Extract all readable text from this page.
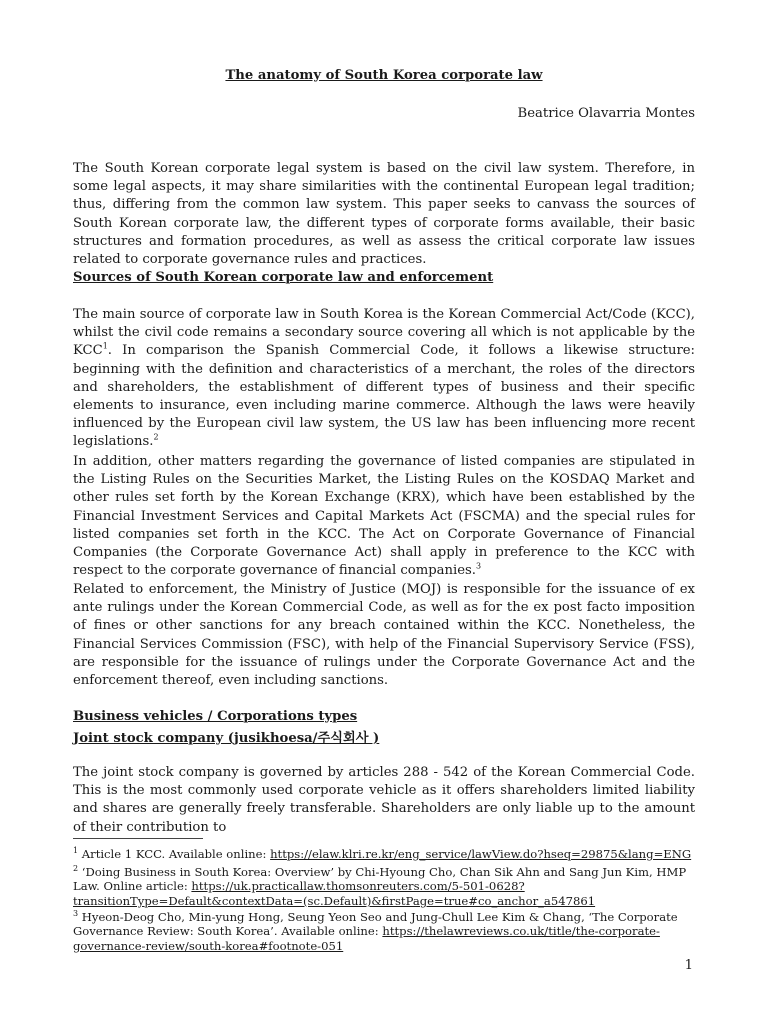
The anatomy of South Korea corporate law
Beatrice Olavarria Montes

The South Korean corporate legal system is based on the civil law system. Therefore, in some legal aspects, it may share similarities with the continental European legal tradition; thus, differing from the common law system. This paper seeks to canvass the sources of South Korean corporate law, the different types of corporate forms available, their basic structures and formation procedures, as well as assess the critical corporate law issues related to corporate governance rules and practices.

Sources of South Korean corporate law and enforcement

The main source of corporate law in South Korea is the Korean Commercial Act/Code (KCC), whilst the civil code remains a secondary source covering all which is not applicable by the KCC$^1$. In comparison the Spanish Commercial Code, it follows a likewise structure: beginning with the definition and characteristics of a merchant, the roles of the directors and shareholders, the establishment of different types of business and their specific elements to insurance, even including marine commerce. Although the laws were heavily influenced by the European civil law system, the US law has been influencing more recent legislations.$^2$

In addition, other matters regarding the governance of listed companies are stipulated in the Listing Rules on the Securities Market, the Listing Rules on the KOSDAQ Market and other rules set forth by the Korean Exchange (KRX), which have been established by the Financial Investment Services and Capital Markets Act (FSCMA) and the special rules for listed companies set forth in the KCC. The Act on Corporate Governance of Financial Companies (the Corporate Governance Act) shall apply in preference to the KCC with respect to the corporate governance of financial companies.$^3$

Related to enforcement, the Ministry of Justice (MOJ) is responsible for the issuance of ex ante rulings under the Korean Commercial Code, as well as for the ex post facto imposition of fines or other sanctions for any breach contained within the KCC. Nonetheless, the Financial Services Commission (FSC), with help of the Financial Supervisory Service (FSS), are responsible for the issuance of rulings under the Corporate Governance Act and the enforcement thereof, even including sanctions.

Business vehicles / Corporations types
Joint stock company (jusikhoesa/주식회사 )

The joint stock company is governed by articles 288 - 542 of the Korean Commercial Code. This is the most commonly used corporate vehicle as it offers shareholders limited liability and shares are generally freely transferable. Shareholders are only liable up to the amount of their contribution to

$^1$ Article 1 KCC. Available online: https://elaw.klri.re.kr/eng_service/lawView.do?hseq=29875&lang=ENG

$^2$ ‘Doing Business in South Korea: Overview’ by Chi-Hyoung Cho, Chan Sik Ahn and Sang Jun Kim, HMP Law. Online article: https://uk.practicallaw.thomsonreuters.com/5-501-0628?transitionType=Default&contextData=(sc.Default)&firstPage=true#co_anchor_a547861

$^3$ Hyeon-Deog Cho, Min-yung Hong, Seung Yeon Seo and Jung-Chull Lee Kim & Chang, ‘The Corporate Governance Review: South Korea’. Available online: https://thelawreviews.co.uk/title/the-corporate-governance-review/south-korea#footnote-051

1
